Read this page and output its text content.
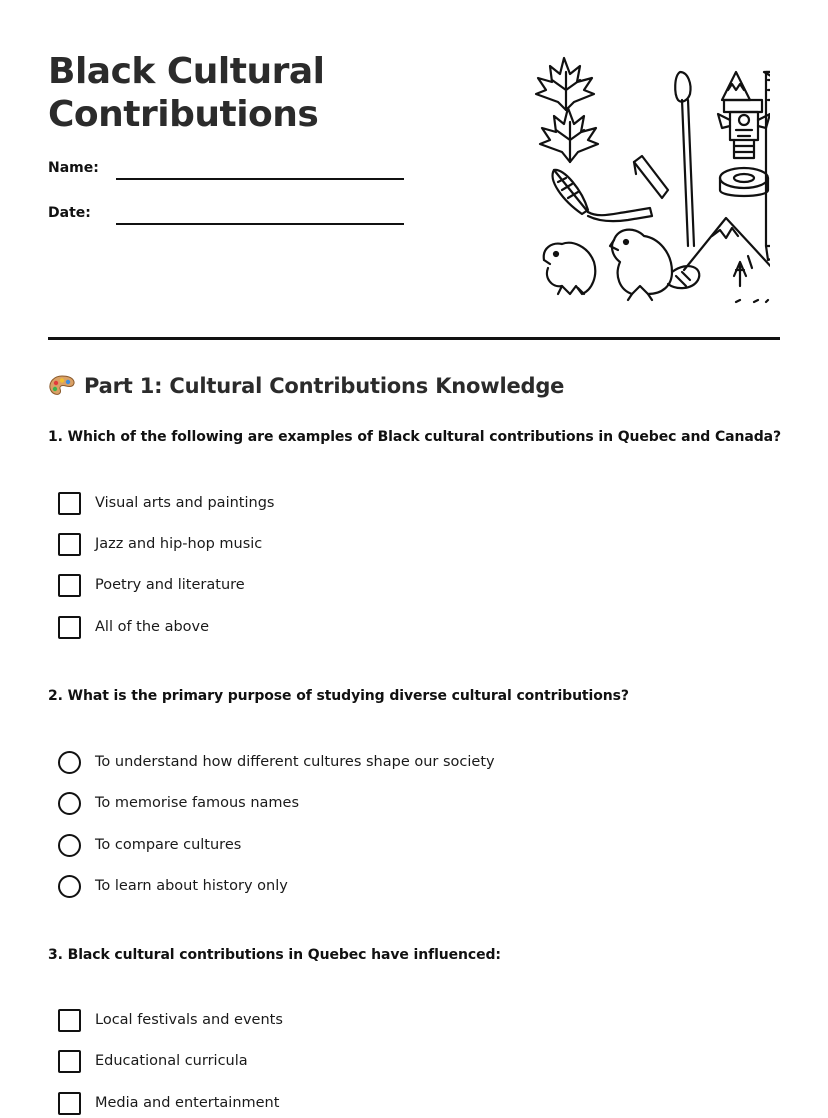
Black Cultural
Contributions
Name:
Date:
Part 1: Cultural Contributions Knowledge
1. Which of the following are examples of Black cultural contributions in Quebec and Canada?
Visual arts and paintings
Jazz and hip-hop music
Poetry and literature
All of the above
2. What is the primary purpose of studying diverse cultural contributions?
To understand how different cultures shape our society
To memorise famous names
To compare cultures
To learn about history only
3. Black cultural contributions in Quebec have influenced:
Local festivals and events
Educational curricula
Media and entertainment
